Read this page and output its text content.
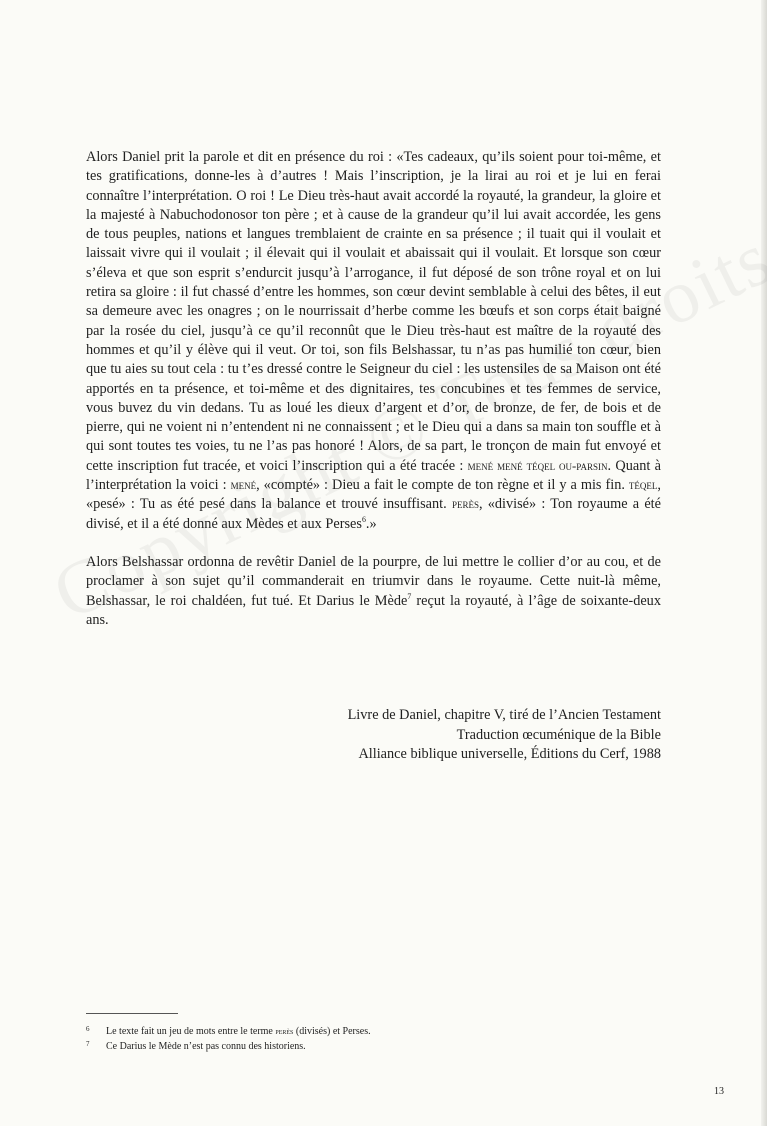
Alors Daniel prit la parole et dit en présence du roi : «Tes cadeaux, qu’ils soient pour toi-même, et tes gratifications, donne-les à d’autres ! Mais l’inscription, je la lirai au roi et je lui en ferai connaître l’interprétation. O roi ! Le Dieu très-haut avait accordé la royauté, la grandeur, la gloire et la majesté à Nabuchodonosor ton père ; et à cause de la grandeur qu’il lui avait accordée, les gens de tous peuples, nations et langues tremblaient de crainte en sa présence ; il tuait qui il voulait et laissait vivre qui il voulait ; il élevait qui il voulait et abaissait qui il voulait. Et lorsque son cœur s’éleva et que son esprit s’endurcit jusqu’à l’arrogance, il fut déposé de son trône royal et on lui retira sa gloire : il fut chassé d’entre les hommes, son cœur devint semblable à celui des bêtes, il eut sa demeure avec les onagres ; on le nourrissait d’herbe comme les bœufs et son corps était baigné par la rosée du ciel, jusqu’à ce qu’il reconnût que le Dieu très-haut est maître de la royauté des hommes et qu’il y élève qui il veut. Or toi, son fils Belshassar, tu n’as pas humilié ton cœur, bien que tu aies su tout cela : tu t’es dressé contre le Seigneur du ciel : les ustensiles de sa Maison ont été apportés en ta présence, et toi-même et des dignitaires, tes concubines et tes femmes de service, vous buvez du vin dedans. Tu as loué les dieux d’argent et d’or, de bronze, de fer, de bois et de pierre, qui ne voient ni n’entendent ni ne connaissent ; et le Dieu qui a dans sa main ton souffle et à qui sont toutes tes voies, tu ne l’as pas honoré ! Alors, de sa part, le tronçon de main fut envoyé et cette inscription fut tracée, et voici l’inscription qui a été tracée : mené mené téqel ou-parsin. Quant à l’interprétation la voici : mené, «compté» : Dieu a fait le compte de ton règne et il y a mis fin. téqel, «pesé» : Tu as été pesé dans la balance et trouvé insuffisant. perès, «divisé» : Ton royaume a été divisé, et il a été donné aux Mèdes et aux Perses$^6$.»

Alors Belshassar ordonna de revêtir Daniel de la pourpre, de lui mettre le collier d’or au cou, et de proclamer à son sujet qu’il commanderait en triumvir dans le royaume. Cette nuit-là même, Belshassar, le roi chaldéen, fut tué. Et Darius le Mède$^7$ reçut la royauté, à l’âge de soixante-deux ans.

Livre de Daniel, chapitre V, tiré de l’Ancien Testament
Traduction œcuménique de la Bible
Alliance biblique universelle, Éditions du Cerf, 1988
6	Le texte fait un jeu de mots entre le terme perès (divisés) et Perses.
7	Ce Darius le Mède n’est pas connu des historiens.
13
